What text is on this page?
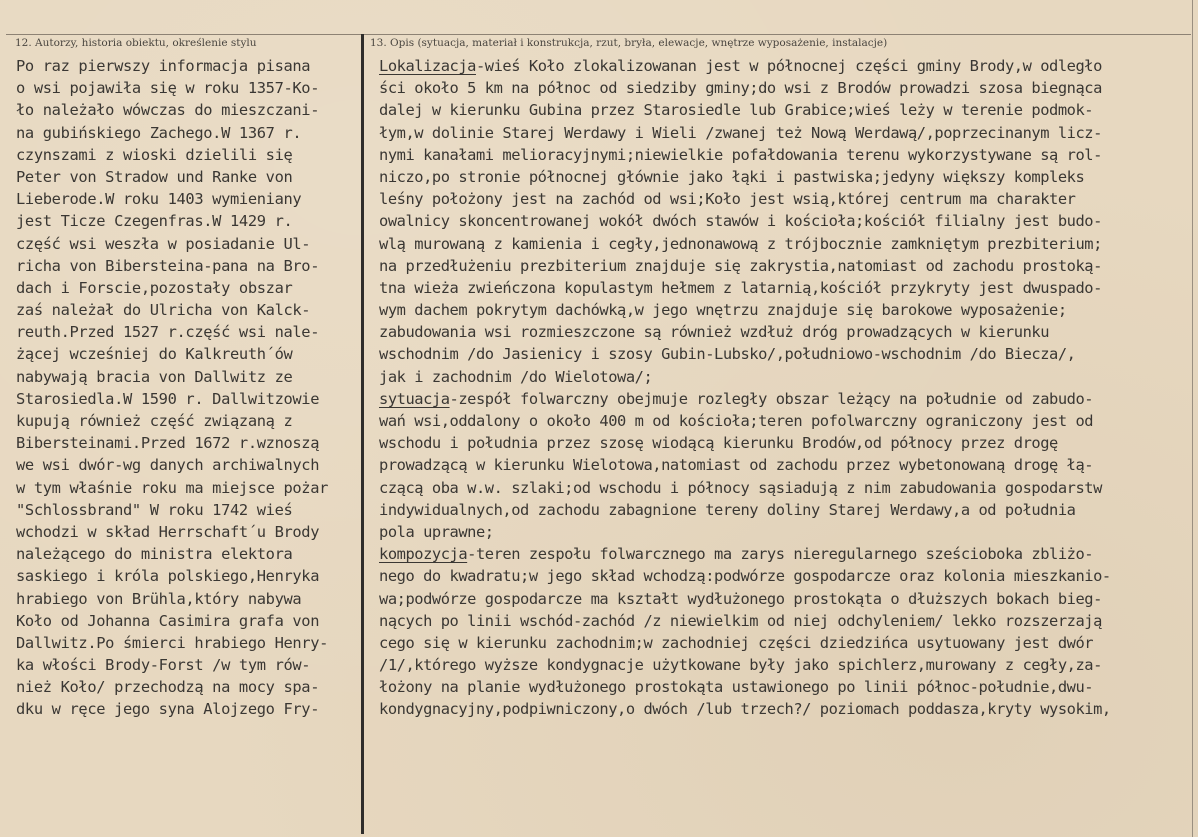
12. Autorzy, historia obiektu, określenie stylu	13. Opis (sytuacja, materiał i konstrukcja, rzut, bryła, elewacje, wnętrze wyposażenie, instalacje)
Po raz pierwszy informacja pisana
o wsi pojawiła się w roku 1357-Ko-
ło należało wówczas do mieszczani-
na gubińskiego Zachego.W 1367 r.
czynszami z wioski dzielili się
Peter von Stradow und Ranke von
Lieberode.W roku 1403 wymieniany
jest Ticze Czegenfras.W 1429 r.
część wsi weszła w posiadanie Ul-
richa von Bibersteina-pana na Bro-
dach i Forscie,pozostały obszar
zaś należał do Ulricha von Kalck-
reuth.Przed 1527 r.część wsi nale-
żącej wcześniej do Kalkreuth´ów
nabywają bracia von Dallwitz ze
Starosiedla.W 1590 r. Dallwitzowie
kupują również część związaną z
Bibersteinami.Przed 1672 r.wznoszą
we wsi dwór-wg danych archiwalnych
w tym właśnie roku ma miejsce pożar
"Schlossbrand" W roku 1742 wieś
wchodzi w skład Herrschaft´u Brody
należącego do ministra elektora
saskiego i króla polskiego,Henryka
hrabiego von Brühla,który nabywa
Koło od Johanna Casimira grafa von
Dallwitz.Po śmierci hrabiego Henry-
ka włości Brody-Forst /w tym rów-
nież Koło/ przechodzą na mocy spa-
dku w ręce jego syna Alojzego Fry-
Lokalizacja-wieś Koło zlokalizowanan jest w północnej części gminy Brody,w odległo
ści około 5 km na północ od siedziby gminy;do wsi z Brodów prowadzi szosa biegnąca
dalej w kierunku Gubina przez Starosiedle lub Grabice;wieś leży w terenie podmok-
łym,w dolinie Starej Werdawy i Wieli /zwanej też Nową Werdawą/,poprzecinanym licz-
nymi kanałami melioracyjnymi;niewielkie pofałdowania terenu wykorzystywane są rol-
niczo,po stronie północnej głównie jako łąki i pastwiska;jedyny większy kompleks
leśny położony jest na zachód od wsi;Koło jest wsią,której centrum ma charakter
owalnicy skoncentrowanej wokół dwóch stawów i kościoła;kościół filialny jest budo-
wlą murowaną z kamienia i cegły,jednonawową z trójbocznie zamkniętym prezbiterium;
na przedłużeniu prezbiterium znajduje się zakrystia,natomiast od zachodu prostoką-
tna wieża zwieńczona kopulastym hełmem z latarnią,kościół przykryty jest dwuspado-
wym dachem pokrytym dachówką,w jego wnętrzu znajduje się barokowe wyposażenie;
zabudowania wsi rozmieszczone są również wzdłuż dróg prowadzących w kierunku
wschodnim /do Jasienicy i szosy Gubin-Lubsko/,południowo-wschodnim /do Biecza/,
jak i zachodnim /do Wielotowa/;
sytuacja-zespół folwarczny obejmuje rozległy obszar leżący na południe od zabudo-
wań wsi,oddalony o około 400 m od kościoła;teren pofolwarczny ograniczony jest od
wschodu i południa przez szosę wiodącą kierunku Brodów,od północy przez drogę
prowadzącą w kierunku Wielotowa,natomiast od zachodu przez wybetonowaną drogę łą-
czącą oba w.w. szlaki;od wschodu i północy sąsiadują z nim zabudowania gospodarstw
indywidualnych,od zachodu zabagnione tereny doliny Starej Werdawy,a od południa
pola uprawne;
kompozycja-teren zespołu folwarcznego ma zarys nieregularnego sześcioboka zbliżo-
nego do kwadratu;w jego skład wchodzą:podwórze gospodarcze oraz kolonia mieszkanio-
wa;podwórze gospodarcze ma kształt wydłużonego prostokąta o dłuższych bokach bieg-
nących po linii wschód-zachód /z niewielkim od niej odchyleniem/ lekko rozszerzają
cego się w kierunku zachodnim;w zachodniej części dziedzińca usytuowany jest dwór
/1/,którego wyższe kondygnacje użytkowane były jako spichlerz,murowany z cegły,za-
łożony na planie wydłużonego prostokąta ustawionego po linii północ-południe,dwu-
kondygnacyjny,podpiwniczony,o dwóch /lub trzech?/ poziomach poddasza,kryty wysokim,
